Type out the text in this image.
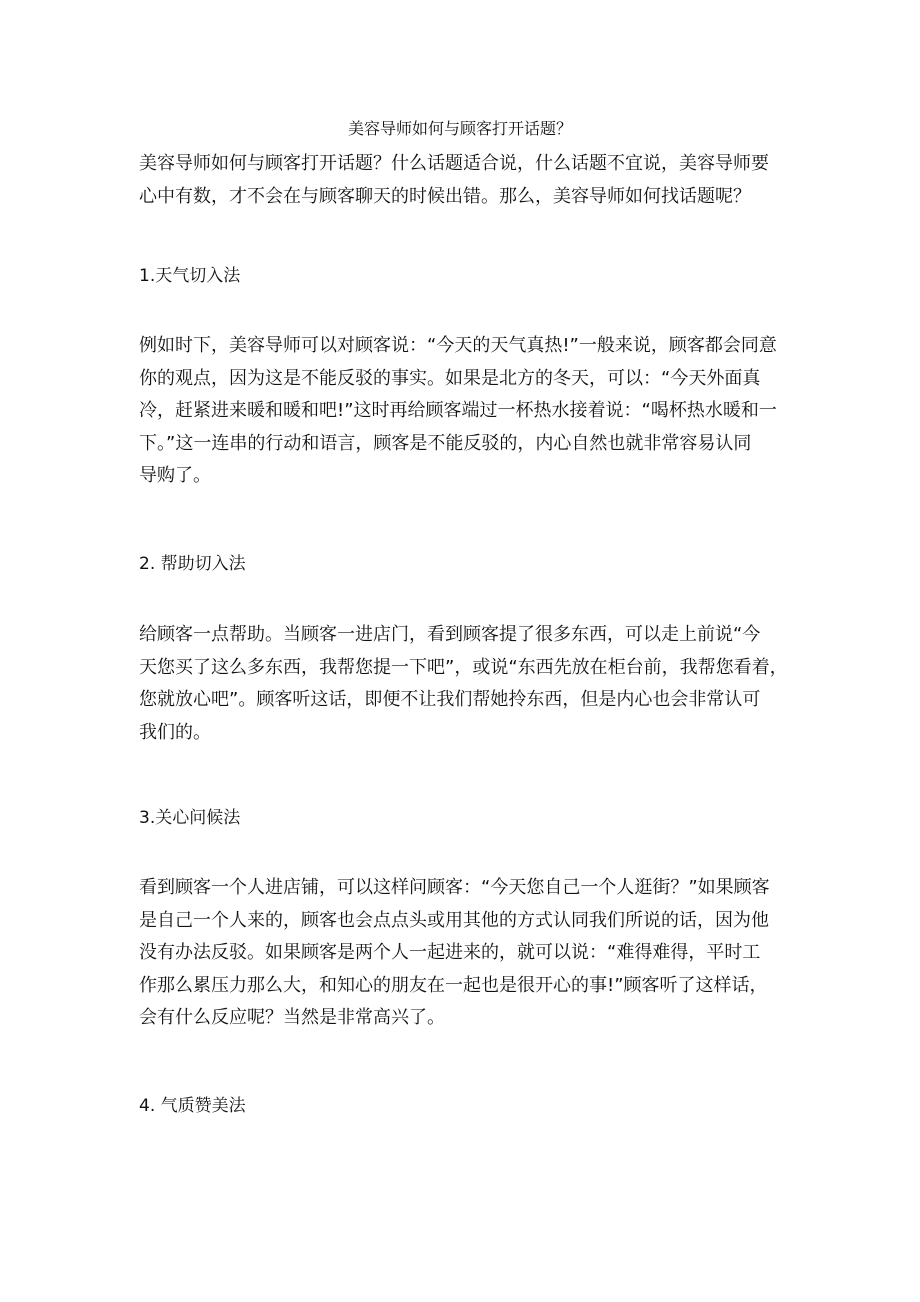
美容导师如何与顾客打开话题？
美容导师如何与顾客打开话题？什么话题适合说，什么话题不宜说，美容导师要
心中有数，才不会在与顾客聊天的时候出错。那么，美容导师如何找话题呢？
1.天气切入法
例如时下，美容导师可以对顾客说：“今天的天气真热!”一般来说，顾客都会同意
你的观点，因为这是不能反驳的事实。如果是北方的冬天，可以：“今天外面真
冷，赶紧进来暖和暖和吧!”这时再给顾客端过一杯热水接着说：“喝杯热水暖和一
下。”这一连串的行动和语言，顾客是不能反驳的，内心自然也就非常容易认同
导购了。
2. 帮助切入法
给顾客一点帮助。当顾客一进店门，看到顾客提了很多东西，可以走上前说“今
天您买了这么多东西，我帮您提一下吧”，或说“东西先放在柜台前，我帮您看着，
您就放心吧”。顾客听这话，即便不让我们帮她拎东西，但是内心也会非常认可
我们的。
3.关心问候法
看到顾客一个人进店铺，可以这样问顾客：“今天您自己一个人逛街？”如果顾客
是自己一个人来的，顾客也会点点头或用其他的方式认同我们所说的话，因为他
没有办法反驳。如果顾客是两个人一起进来的，就可以说：“难得难得，平时工
作那么累压力那么大，和知心的朋友在一起也是很开心的事!”顾客听了这样话，
会有什么反应呢？当然是非常高兴了。
4. 气质赞美法
